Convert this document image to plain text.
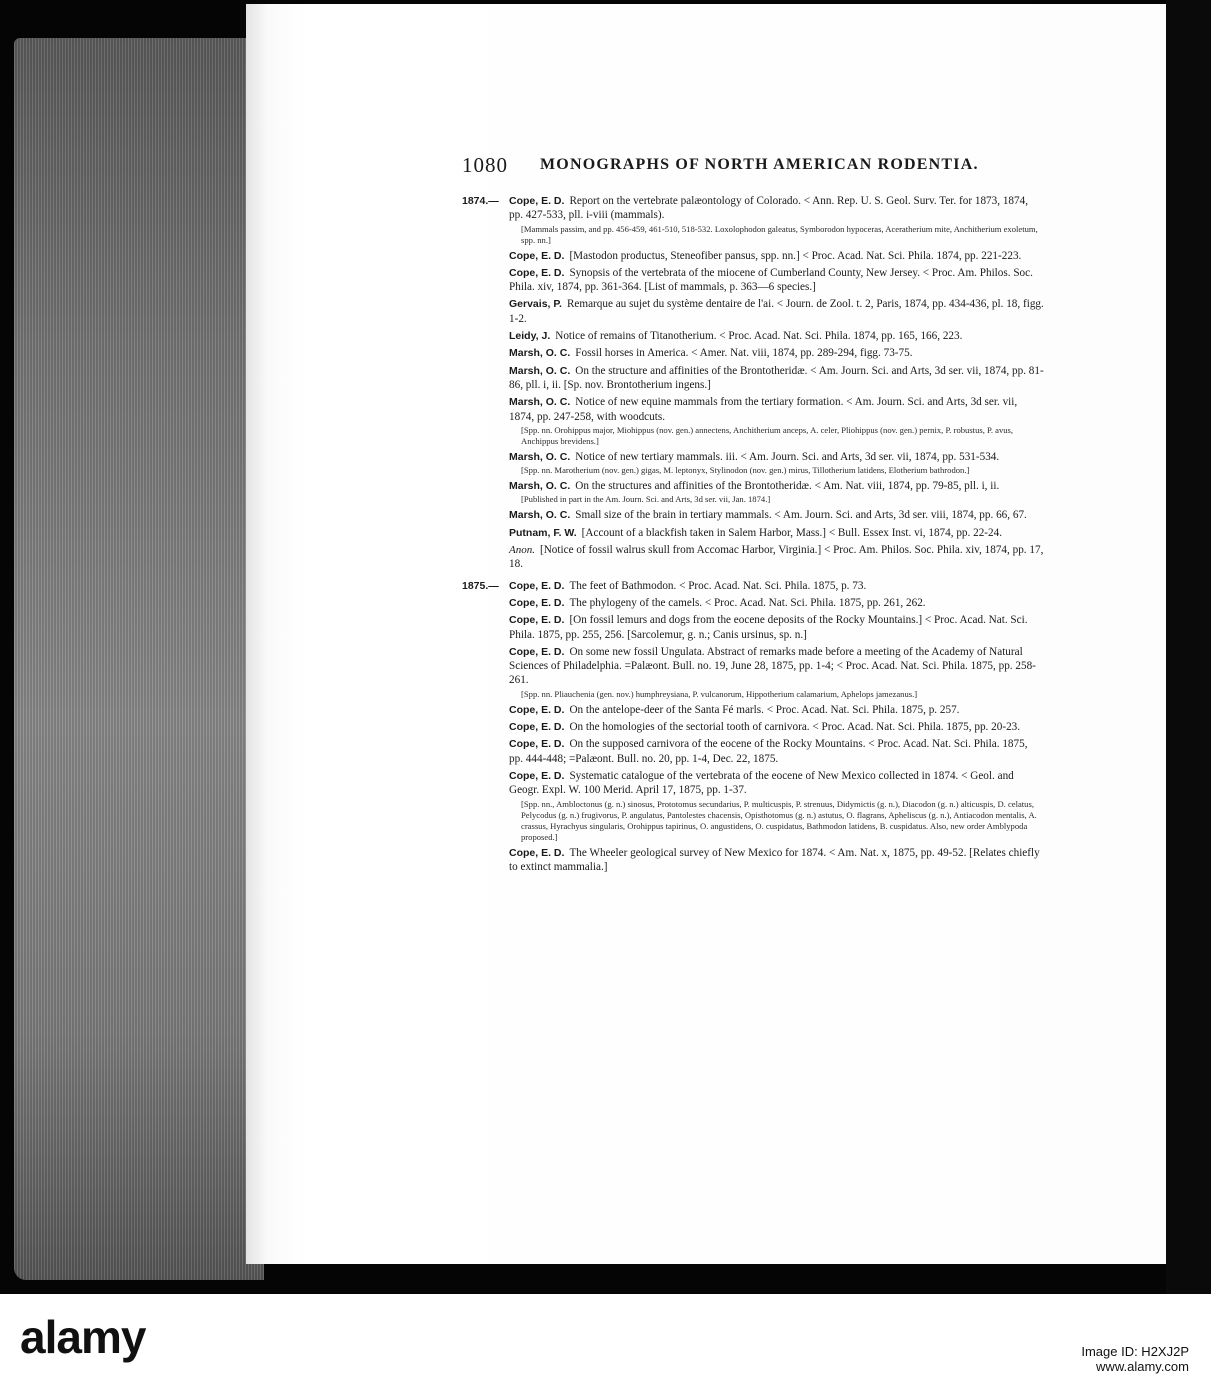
1080 MONOGRAPHS OF NORTH AMERICAN RODENTIA.
1874.— Cope, E. D. Report on the vertebrate palæontology of Colorado. < Ann. Rep. U. S. Geol. Surv. Ter. for 1873, 1874, pp. 427-533, pll. i-viii (mammals).
[Mammals passim, and pp. 456-459, 461-510, 518-532. Loxolophodon galeatus, Symborodon hypoceras, Aceratherium mite, Anchitherium exoletum, spp. nn.]
Cope, E. D. [Mastodon productus, Steneofiber pansus, spp. nn.] < Proc. Acad. Nat. Sci. Phila. 1874, pp. 221-223.
Cope, E. D. Synopsis of the vertebrata of the miocene of Cumberland County, New Jersey. < Proc. Am. Philos. Soc. Phila. xiv, 1874, pp. 361-364. [List of mammals, p. 363—6 species.]
Gervais, P. Remarque au sujet du système dentaire de l'ai. < Journ. de Zool. t. 2, Paris, 1874, pp. 434-436, pl. 18, figg. 1-2.
Leidy, J. Notice of remains of Titanotherium. < Proc. Acad. Nat. Sci. Phila. 1874, pp. 165, 166, 223.
Marsh, O. C. Fossil horses in America. < Amer. Nat. viii, 1874, pp. 289-294, figg. 73-75.
Marsh, O. C. On the structure and affinities of the Brontotheridæ. < Am. Journ. Sci. and Arts, 3d ser. vii, 1874, pp. 81-86, pll. i, ii. [Sp. nov. Brontotherium ingens.]
Marsh, O. C. Notice of new equine mammals from the tertiary formation. < Am. Journ. Sci. and Arts, 3d ser. vii, 1874, pp. 247-258, with woodcuts.
[Spp. nn. Orohippus major, Miohippus (nov. gen.) annectens, Anchitherium anceps, A. celer, Pliohippus (nov. gen.) pernix, P. robustus, P. avus, Anchippus brevidens.]
Marsh, O. C. Notice of new tertiary mammals. iii. < Am. Journ. Sci. and Arts, 3d ser. vii, 1874, pp. 531-534.
[Spp. nn. Marotherium (nov. gen.) gigas, M. leptonyx, Stylinodon (nov. gen.) mirus, Tillotherium latidens, Elotherium bathrodon.]
Marsh, O. C. On the structures and affinities of the Brontotheridæ. < Am. Nat. viii, 1874, pp. 79-85, pll. i, ii.
[Published in part in the Am. Journ. Sci. and Arts, 3d ser. vii, Jan. 1874.]
Marsh, O. C. Small size of the brain in tertiary mammals. < Am. Journ. Sci. and Arts, 3d ser. viii, 1874, pp. 66, 67.
Putnam, F. W. [Account of a blackfish taken in Salem Harbor, Mass.] < Bull. Essex Inst. vi, 1874, pp. 22-24.
Anon. [Notice of fossil walrus skull from Accomac Harbor, Virginia.] < Proc. Am. Philos. Soc. Phila. xiv, 1874, pp. 17, 18.
1875.— Cope, E. D. The feet of Bathmodon. < Proc. Acad. Nat. Sci. Phila. 1875, p. 73.
Cope, E. D. The phylogeny of the camels. < Proc. Acad. Nat. Sci. Phila. 1875, pp. 261, 262.
Cope, E. D. [On fossil lemurs and dogs from the eocene deposits of the Rocky Mountains.] < Proc. Acad. Nat. Sci. Phila. 1875, pp. 255, 256. [Sarcolemur, g. n.; Canis ursinus, sp. n.]
Cope, E. D. On some new fossil Ungulata. Abstract of remarks made before a meeting of the Academy of Natural Sciences of Philadelphia. =Palæont. Bull. no. 19, June 28, 1875, pp. 1-4; < Proc. Acad. Nat. Sci. Phila. 1875, pp. 258-261.
[Spp. nn. Pliauchenia (gen. nov.) humphreysiana, P. vulcanorum, Hippotherium calamarium, Aphelops jamezanus.]
Cope, E. D. On the antelope-deer of the Santa Fé marls. < Proc. Acad. Nat. Sci. Phila. 1875, p. 257.
Cope, E. D. On the homologies of the sectorial tooth of carnivora. < Proc. Acad. Nat. Sci. Phila. 1875, pp. 20-23.
Cope, E. D. On the supposed carnivora of the eocene of the Rocky Mountains. < Proc. Acad. Nat. Sci. Phila. 1875, pp. 444-448; =Palæont. Bull. no. 20, pp. 1-4, Dec. 22, 1875.
Cope, E. D. Systematic catalogue of the vertebrata of the eocene of New Mexico collected in 1874. < Geol. and Geogr. Expl. W. 100 Merid. April 17, 1875, pp. 1-37.
[Spp. nn., Ambloctonus (g. n.) sinosus, Prototomus secundarius, P. multicuspis, P. strenuus, Didymictis (g. n.), Diacodon (g. n.) alticuspis, D. celatus, Pelycodus (g. n.) frugivorus, P. angulatus, Pantolestes chacensis, Opisthotomus (g. n.) astutus, O. flagrans, Apheliscus (g. n.), Antiacodon mentalis, A. crassus, Hyrachyus singularis, Orohippus tapirinus, O. angustidens, O. cuspidatus, Bathmodon latidens, B. cuspidatus. Also, new order Amblypoda proposed.]
Cope, E. D. The Wheeler geological survey of New Mexico for 1874. < Am. Nat. x, 1875, pp. 49-52. [Relates chiefly to extinct mammalia.]
alamy	Image ID: H2XJ2P
www.alamy.com
